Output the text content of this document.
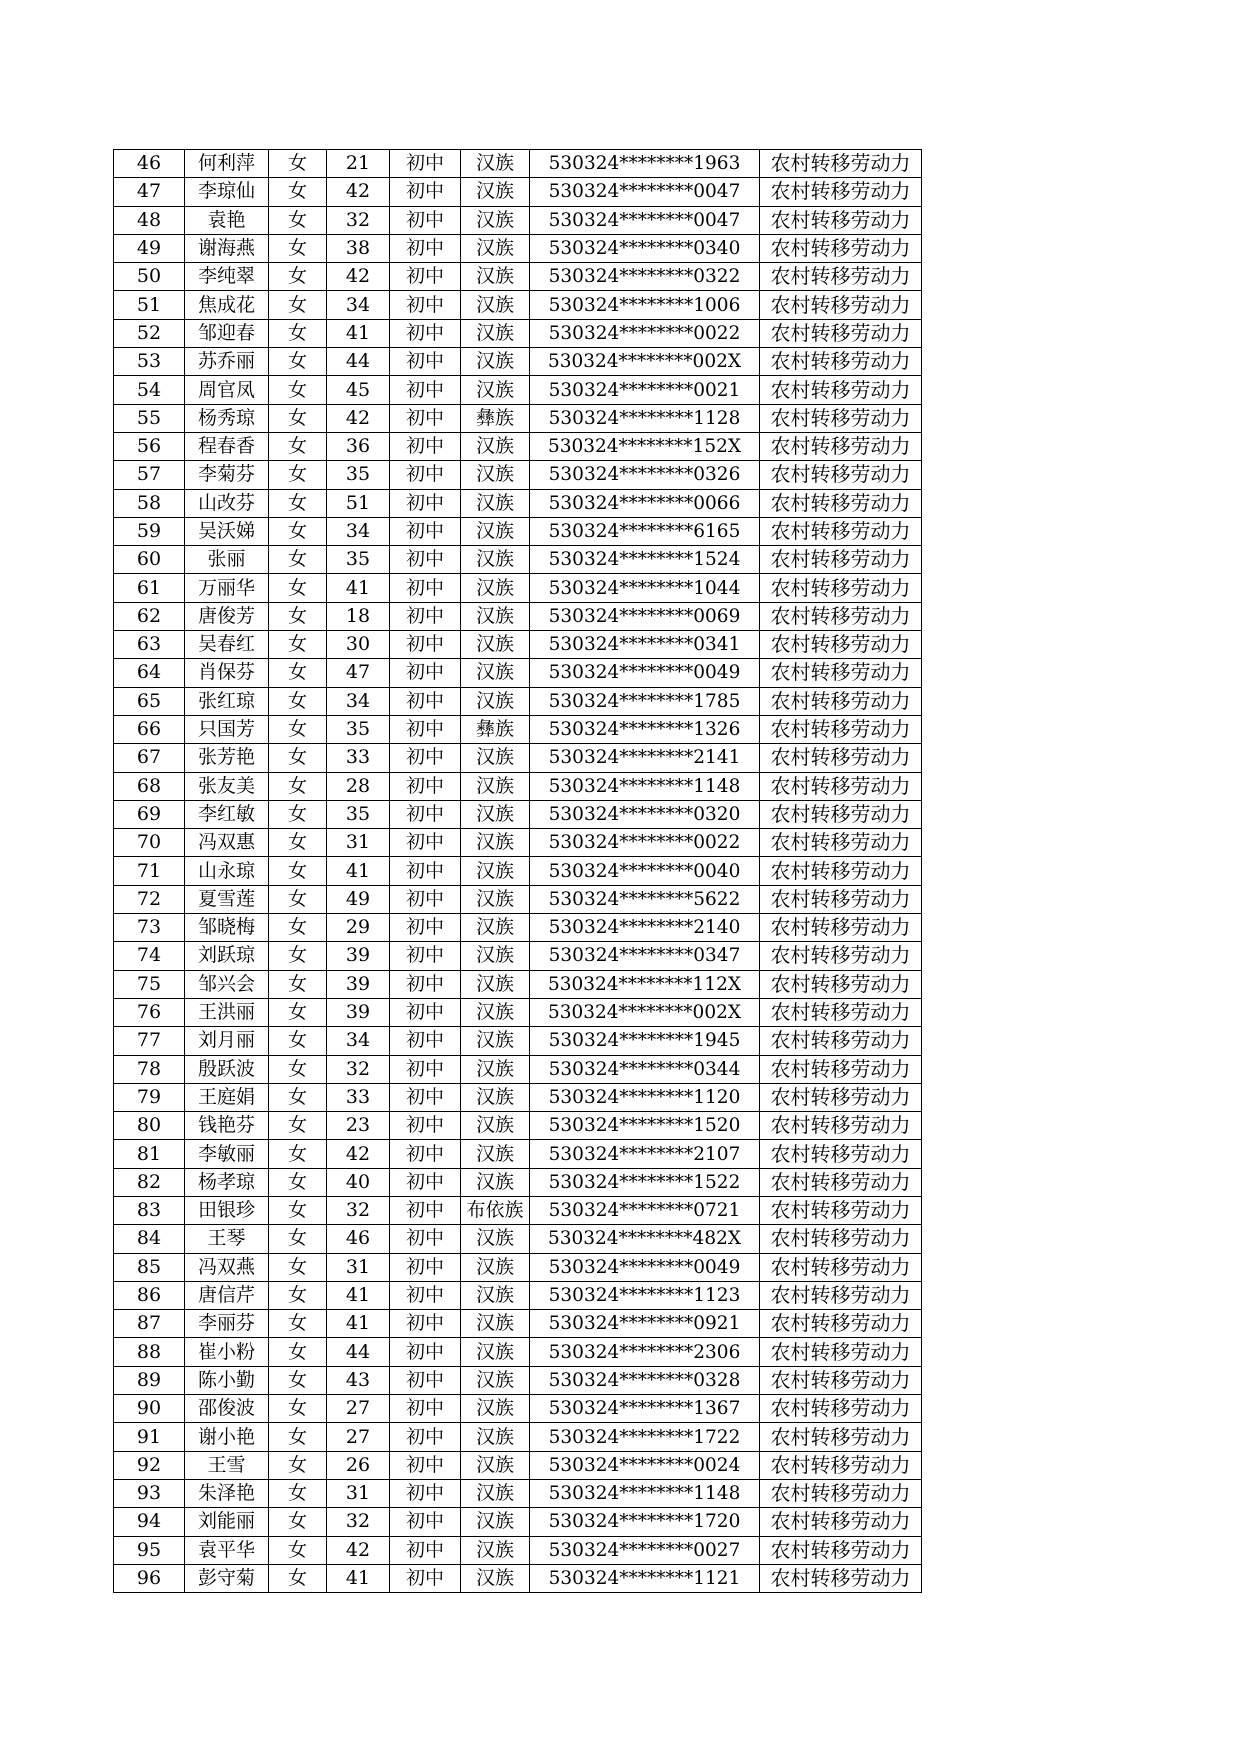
46	何利萍	女	21	初中	汉族	530324********1963	农村转移劳动力
47	李琼仙	女	42	初中	汉族	530324********0047	农村转移劳动力
48	袁艳	女	32	初中	汉族	530324********0047	农村转移劳动力
49	谢海燕	女	38	初中	汉族	530324********0340	农村转移劳动力
50	李纯翠	女	42	初中	汉族	530324********0322	农村转移劳动力
51	焦成花	女	34	初中	汉族	530324********1006	农村转移劳动力
52	邹迎春	女	41	初中	汉族	530324********0022	农村转移劳动力
53	苏乔丽	女	44	初中	汉族	530324********002X	农村转移劳动力
54	周官凤	女	45	初中	汉族	530324********0021	农村转移劳动力
55	杨秀琼	女	42	初中	彝族	530324********1128	农村转移劳动力
56	程春香	女	36	初中	汉族	530324********152X	农村转移劳动力
57	李菊芬	女	35	初中	汉族	530324********0326	农村转移劳动力
58	山改芬	女	51	初中	汉族	530324********0066	农村转移劳动力
59	吴沃娣	女	34	初中	汉族	530324********6165	农村转移劳动力
60	张丽	女	35	初中	汉族	530324********1524	农村转移劳动力
61	万丽华	女	41	初中	汉族	530324********1044	农村转移劳动力
62	唐俊芳	女	18	初中	汉族	530324********0069	农村转移劳动力
63	吴春红	女	30	初中	汉族	530324********0341	农村转移劳动力
64	肖保芬	女	47	初中	汉族	530324********0049	农村转移劳动力
65	张红琼	女	34	初中	汉族	530324********1785	农村转移劳动力
66	只国芳	女	35	初中	彝族	530324********1326	农村转移劳动力
67	张芳艳	女	33	初中	汉族	530324********2141	农村转移劳动力
68	张友美	女	28	初中	汉族	530324********1148	农村转移劳动力
69	李红敏	女	35	初中	汉族	530324********0320	农村转移劳动力
70	冯双惠	女	31	初中	汉族	530324********0022	农村转移劳动力
71	山永琼	女	41	初中	汉族	530324********0040	农村转移劳动力
72	夏雪莲	女	49	初中	汉族	530324********5622	农村转移劳动力
73	邹晓梅	女	29	初中	汉族	530324********2140	农村转移劳动力
74	刘跃琼	女	39	初中	汉族	530324********0347	农村转移劳动力
75	邹兴会	女	39	初中	汉族	530324********112X	农村转移劳动力
76	王洪丽	女	39	初中	汉族	530324********002X	农村转移劳动力
77	刘月丽	女	34	初中	汉族	530324********1945	农村转移劳动力
78	殷跃波	女	32	初中	汉族	530324********0344	农村转移劳动力
79	王庭娟	女	33	初中	汉族	530324********1120	农村转移劳动力
80	钱艳芬	女	23	初中	汉族	530324********1520	农村转移劳动力
81	李敏丽	女	42	初中	汉族	530324********2107	农村转移劳动力
82	杨孝琼	女	40	初中	汉族	530324********1522	农村转移劳动力
83	田银珍	女	32	初中	布依族	530324********0721	农村转移劳动力
84	王琴	女	46	初中	汉族	530324********482X	农村转移劳动力
85	冯双燕	女	31	初中	汉族	530324********0049	农村转移劳动力
86	唐信芹	女	41	初中	汉族	530324********1123	农村转移劳动力
87	李丽芬	女	41	初中	汉族	530324********0921	农村转移劳动力
88	崔小粉	女	44	初中	汉族	530324********2306	农村转移劳动力
89	陈小勤	女	43	初中	汉族	530324********0328	农村转移劳动力
90	邵俊波	女	27	初中	汉族	530324********1367	农村转移劳动力
91	谢小艳	女	27	初中	汉族	530324********1722	农村转移劳动力
92	王雪	女	26	初中	汉族	530324********0024	农村转移劳动力
93	朱泽艳	女	31	初中	汉族	530324********1148	农村转移劳动力
94	刘能丽	女	32	初中	汉族	530324********1720	农村转移劳动力
95	袁平华	女	42	初中	汉族	530324********0027	农村转移劳动力
96	彭守菊	女	41	初中	汉族	530324********1121	农村转移劳动力
